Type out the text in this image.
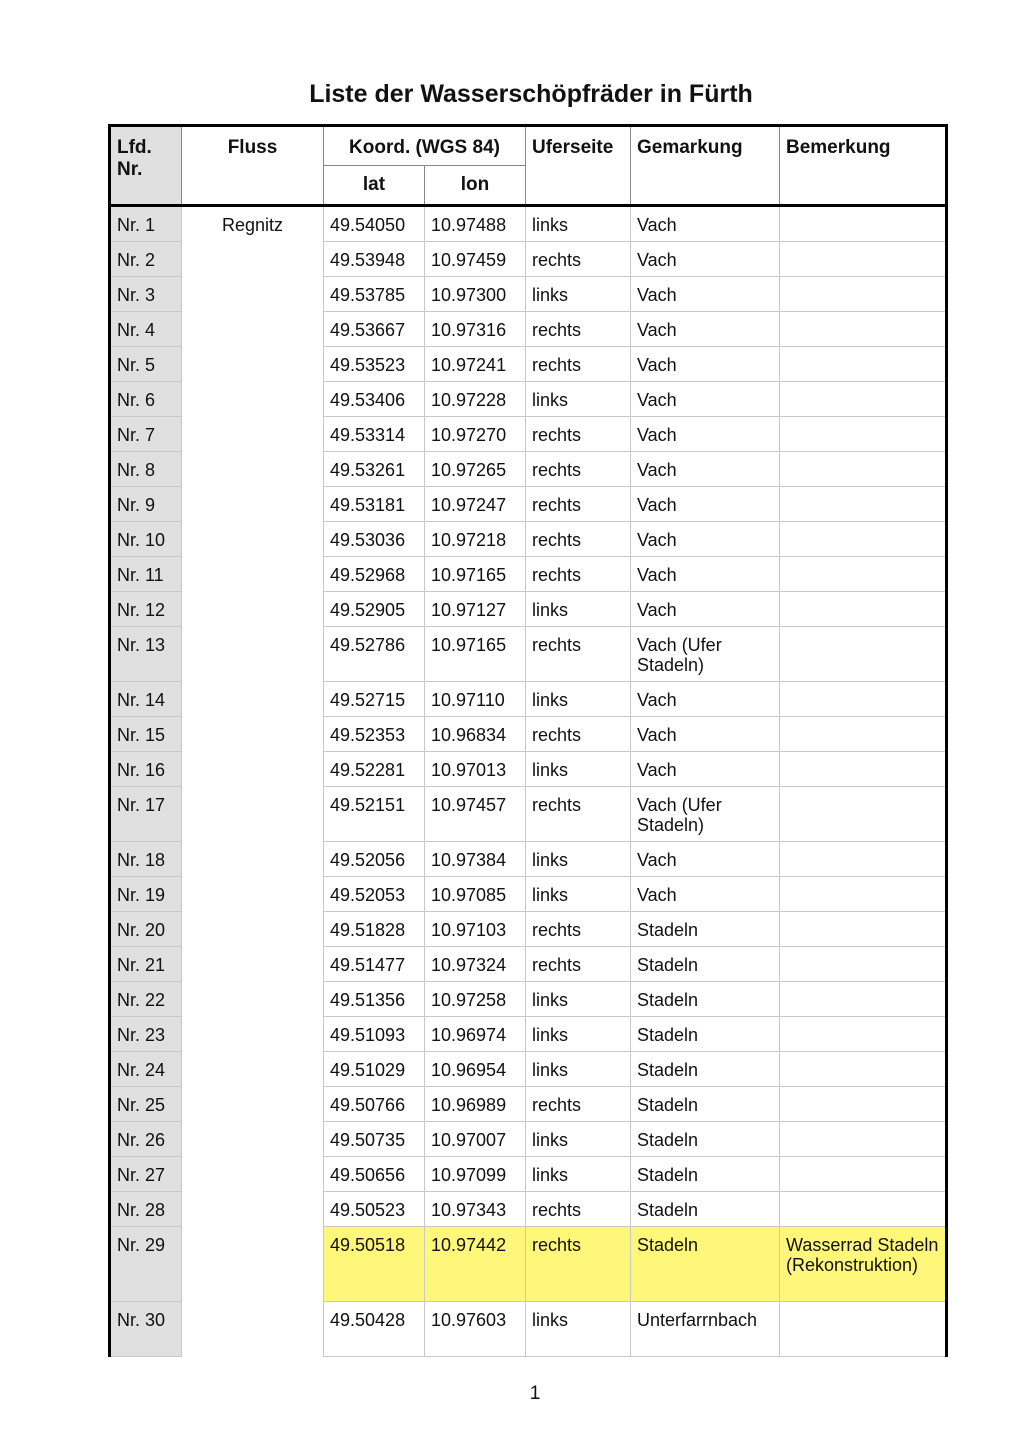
Liste der Wasserschöpfräder in Fürth
Lfd. Nr.	Fluss	Koord. (WGS 84)		Uferseite	Gemarkung	Bemerkung
		lat	lon			
Nr. 1	Regnitz	49.54050	10.97488	links	Vach	
Nr. 2		49.53948	10.97459	rechts	Vach	
Nr. 3		49.53785	10.97300	links	Vach	
Nr. 4		49.53667	10.97316	rechts	Vach	
Nr. 5		49.53523	10.97241	rechts	Vach	
Nr. 6		49.53406	10.97228	links	Vach	
Nr. 7		49.53314	10.97270	rechts	Vach	
Nr. 8		49.53261	10.97265	rechts	Vach	
Nr. 9		49.53181	10.97247	rechts	Vach	
Nr. 10		49.53036	10.97218	rechts	Vach	
Nr. 11		49.52968	10.97165	rechts	Vach	
Nr. 12		49.52905	10.97127	links	Vach	
Nr. 13		49.52786	10.97165	rechts	Vach (Ufer Stadeln)	
Nr. 14		49.52715	10.97110	links	Vach	
Nr. 15		49.52353	10.96834	rechts	Vach	
Nr. 16		49.52281	10.97013	links	Vach	
Nr. 17		49.52151	10.97457	rechts	Vach (Ufer Stadeln)	
Nr. 18		49.52056	10.97384	links	Vach	
Nr. 19		49.52053	10.97085	links	Vach	
Nr. 20		49.51828	10.97103	rechts	Stadeln	
Nr. 21		49.51477	10.97324	rechts	Stadeln	
Nr. 22		49.51356	10.97258	links	Stadeln	
Nr. 23		49.51093	10.96974	links	Stadeln	
Nr. 24		49.51029	10.96954	links	Stadeln	
Nr. 25		49.50766	10.96989	rechts	Stadeln	
Nr. 26		49.50735	10.97007	links	Stadeln	
Nr. 27		49.50656	10.97099	links	Stadeln	
Nr. 28		49.50523	10.97343	rechts	Stadeln	
Nr. 29		49.50518	10.97442	rechts	Stadeln	Wasserrad Stadeln (Rekonstruktion)
Nr. 30		49.50428	10.97603	links	Unterfarrnbach	
1
